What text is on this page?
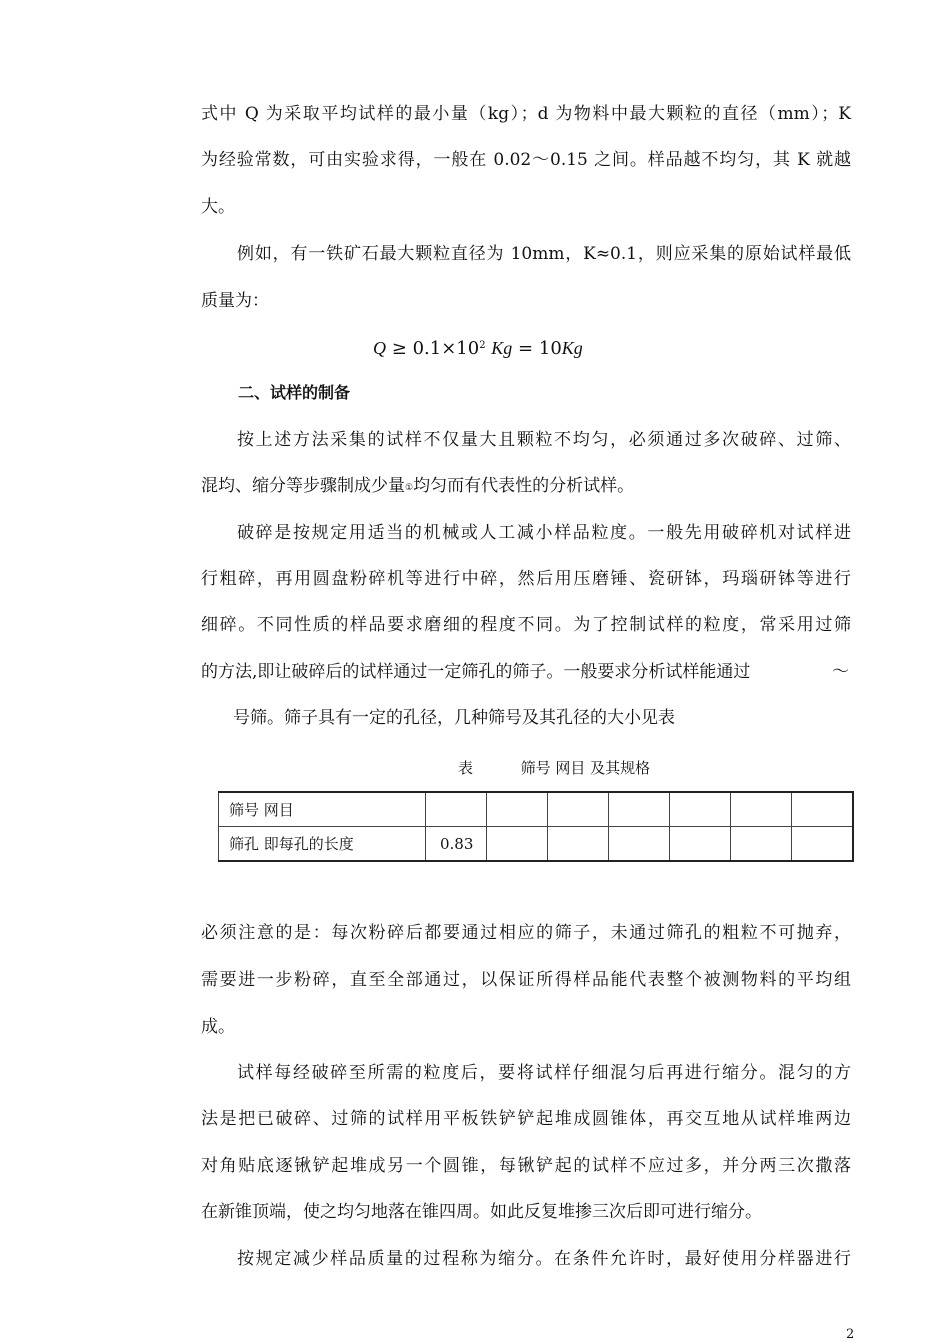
二、试样的制备
$Q \ge 0.1\times 10^2$ Kg = 10Kg
混均、缩分等步骤制成少量①均匀而有代表性的分析试样。
的方法,即让破碎后的试样通过一定筛孔的筛子。一般要求分析试样能通过	～
表	筛号 网目 及其规格
筛号 网目							
筛孔 即每孔的长度	0.83						
2
式中 Q 为采取平均试样的最小量（kg）；d 为物料中最大颗粒的直径（mm）；K
为经验常数，可由实验求得，一般在 0.02～0.15 之间。样品越不均匀，其 K 就越
大。
例如，有一铁矿石最大颗粒直径为 10mm，K≈0.1，则应采集的原始试样最低
质量为：
按上述方法采集的试样不仅量大且颗粒不均匀，必须通过多次破碎、过筛、
破碎是按规定用适当的机械或人工减小样品粒度。一般先用破碎机对试样进
行粗碎，再用圆盘粉碎机等进行中碎，然后用压磨锤、瓷研钵，玛瑙研钵等进行
细碎。不同性质的样品要求磨细的程度不同。为了控制试样的粒度，常采用过筛
号筛。筛子具有一定的孔径，几种筛号及其孔径的大小见表
必须注意的是：每次粉碎后都要通过相应的筛子，未通过筛孔的粗粒不可抛弃，
需要进一步粉碎，直至全部通过，以保证所得样品能代表整个被测物料的平均组
成。
试样每经破碎至所需的粒度后，要将试样仔细混匀后再进行缩分。混匀的方
法是把已破碎、过筛的试样用平板铁铲铲起堆成圆锥体，再交互地从试样堆两边
对角贴底逐锹铲起堆成另一个圆锥，每锹铲起的试样不应过多，并分两三次撒落
在新锥顶端，使之均匀地落在锥四周。如此反复堆掺三次后即可进行缩分。
按规定减少样品质量的过程称为缩分。在条件允许时，最好使用分样器进行
